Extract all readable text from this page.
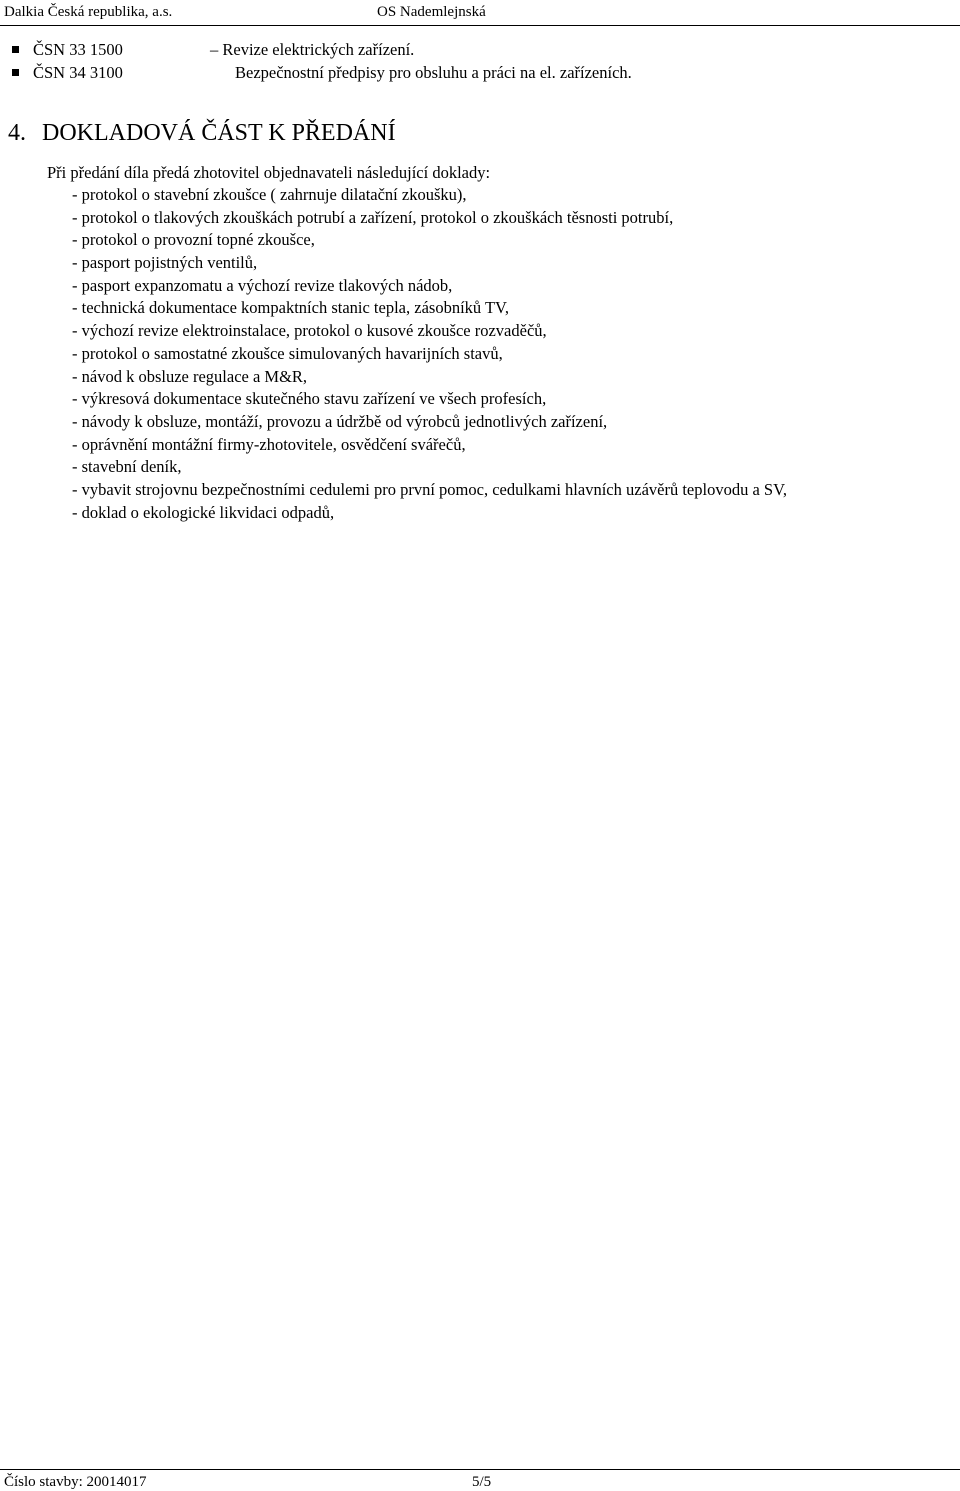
Dalkia Česká republika, a.s.	OS Nademlejnská
ČSN 33 1500	– Revize elektrických zařízení.
ČSN 34 3100	Bezpečnostní předpisy pro obsluhu a práci na el. zařízeních.
4. DOKLADOVÁ ČÁST K PŘEDÁNÍ
Při předání díla předá zhotovitel objednavateli následující doklady:
- protokol o stavební zkoušce ( zahrnuje dilatační zkoušku),
- protokol o tlakových zkouškách potrubí a zařízení, protokol o zkouškách těsnosti potrubí,
- protokol o provozní topné zkoušce,
- pasport pojistných ventilů,
- pasport expanzomatu a výchozí revize tlakových nádob,
- technická dokumentace kompaktních stanic tepla, zásobníků TV,
- výchozí revize elektroinstalace, protokol o kusové zkoušce rozvaděčů,
- protokol o samostatné zkoušce simulovaných havarijních stavů,
- návod k obsluze regulace a M&R,
- výkresová dokumentace skutečného stavu zařízení ve všech profesích,
- návody k obsluze, montáží, provozu a údržbě od výrobců jednotlivých zařízení,
- oprávnění montážní firmy-zhotovitele, osvědčení svářečů,
- stavební deník,
- vybavit strojovnu bezpečnostními cedulemi pro první pomoc, cedulkami hlavních uzávěrů teplovodu a SV,
- doklad o ekologické likvidaci odpadů,
Číslo stavby: 20014017	5/5
